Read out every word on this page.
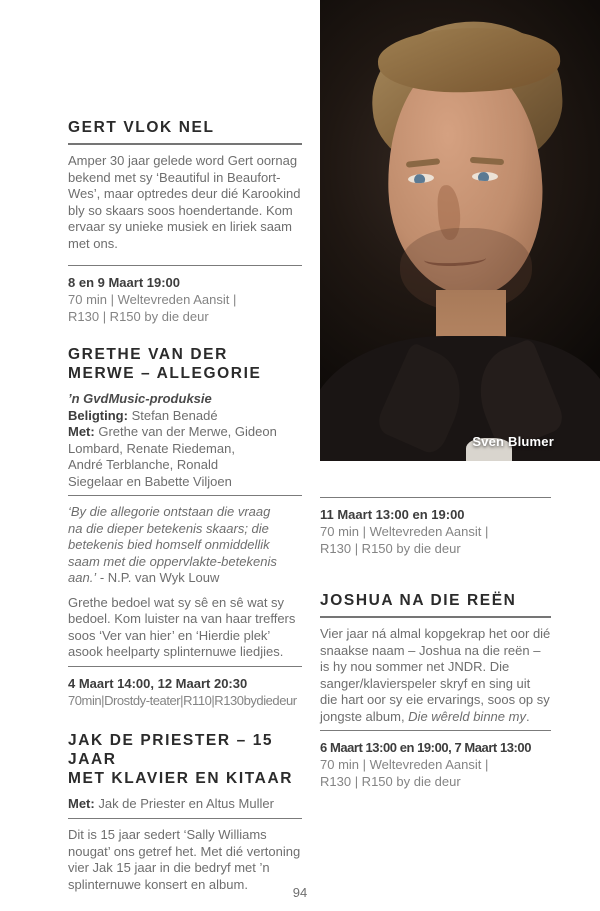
GERT VLOK NEL

Amper 30 jaar gelede word Gert oornag bekend met sy ‘Beautiful in Beaufort-Wes’, maar optredes deur dié Karookind bly so skaars soos hoendertande. Kom ervaar sy unieke musiek en liriek saam met ons.

8 en 9 Maart 19:00
70 min | Weltevreden Aansit |
R130 | R150 by die deur
GRETHE VAN DER
MERWE – ALLEGORIE
’n GvdMusic-produksie
Beligting: Stefan Benadé
Met: Grethe van der Merwe, Gideon
Lombard, Renate Riedeman,
André Terblanche, Ronald
Siegelaar en Babette Viljoen
‘By die allegorie ontstaan die vraag
na die dieper betekenis skaars; die
betekenis bied homself onmiddellik
saam met die oppervlakte-betekenis
aan.’ - N.P. van Wyk Louw

Grethe bedoel wat sy sê en sê wat sy bedoel. Kom luister na van haar treffers soos ‘Ver van hier’ en ‘Hierdie plek’ asook heelparty splinternuwe liedjies.

4 Maart 14:00, 12 Maart 20:30
70min|Drostdy-teater|R110|R130bydiedeur
JAK DE PRIESTER – 15 JAAR
MET KLAVIER EN KITAAR
Met: Jak de Priester en Altus Muller

Dit is 15 jaar sedert ‘Sally Williams nougat’ ons getref het. Met dié vertoning vier Jak 15 jaar in die bedryf met ’n splinternuwe konsert en album.

Sven Blumer
11 Maart 13:00 en 19:00
70 min | Weltevreden Aansit |
R130 | R150 by die deur
JOSHUA NA DIE REËN

Vier jaar ná almal kopgekrap het oor dié snaakse naam – Joshua na die reën – is hy nou sommer net JNDR. Die sanger/klavierspeler skryf en sing uit die hart oor sy eie ervarings, soos op sy jongste album, Die wêreld binne my.

6 Maart 13:00 en 19:00, 7 Maart 13:00
70 min | Weltevreden Aansit |
R130 | R150 by die deur
94
